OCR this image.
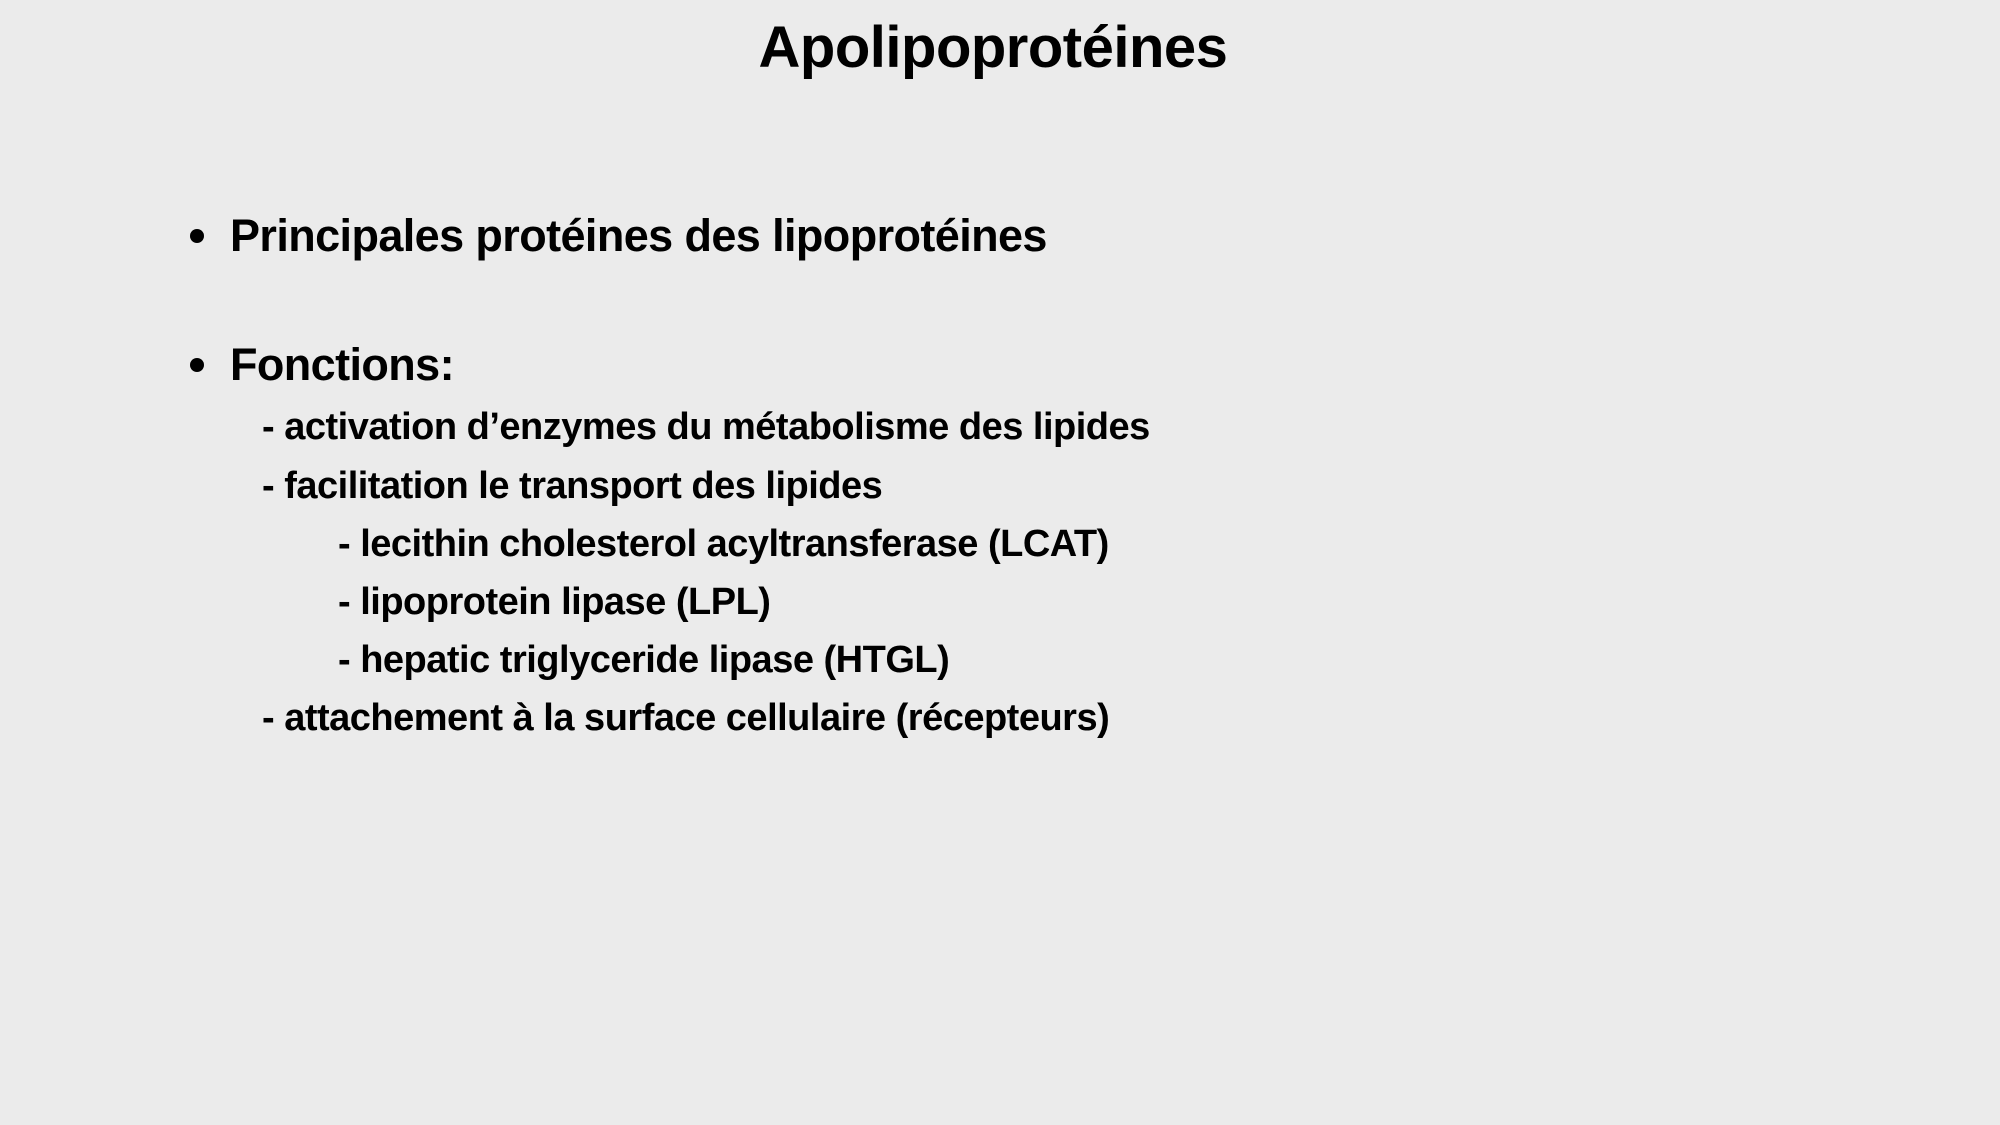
Apolipoprotéines
Principales protéines des lipoprotéines
Fonctions:
- activation d’enzymes du métabolisme des lipides
- facilitation le transport des lipides
- lecithin cholesterol acyltransferase (LCAT)
- lipoprotein lipase (LPL)
- hepatic triglyceride lipase (HTGL)
- attachement à la surface cellulaire (récepteurs)
